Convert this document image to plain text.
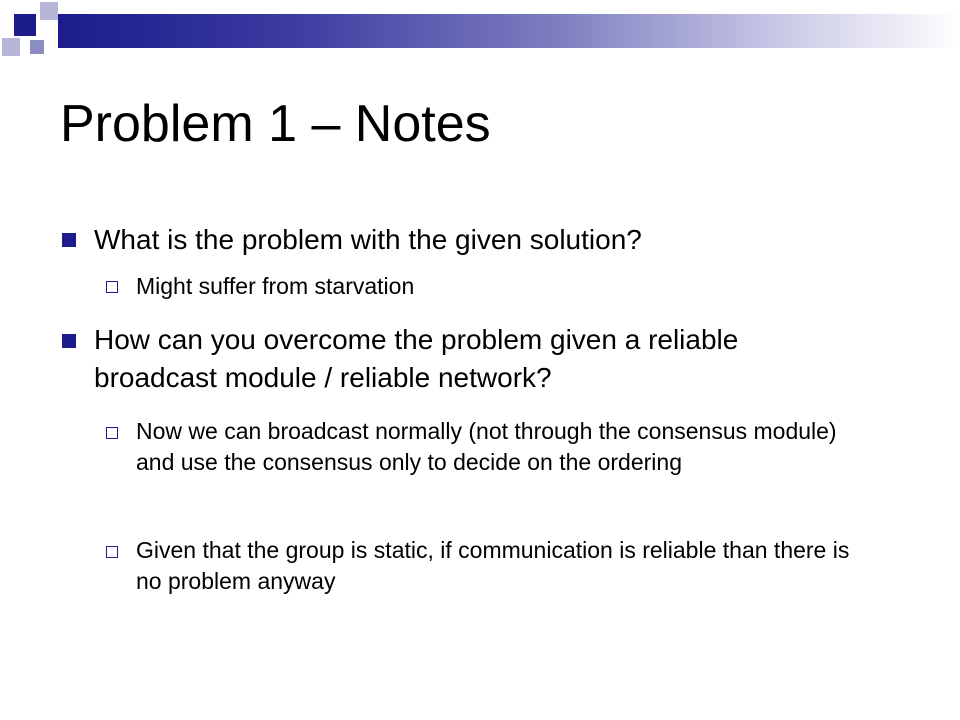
Problem 1 – Notes
What is the problem with the given solution?
Might suffer from starvation
How can you overcome the problem given a reliable broadcast module / reliable network?
Now we can broadcast normally (not through the consensus module) and use the consensus only to decide on the ordering
Given that the group is static, if communication is reliable than there is no problem anyway
